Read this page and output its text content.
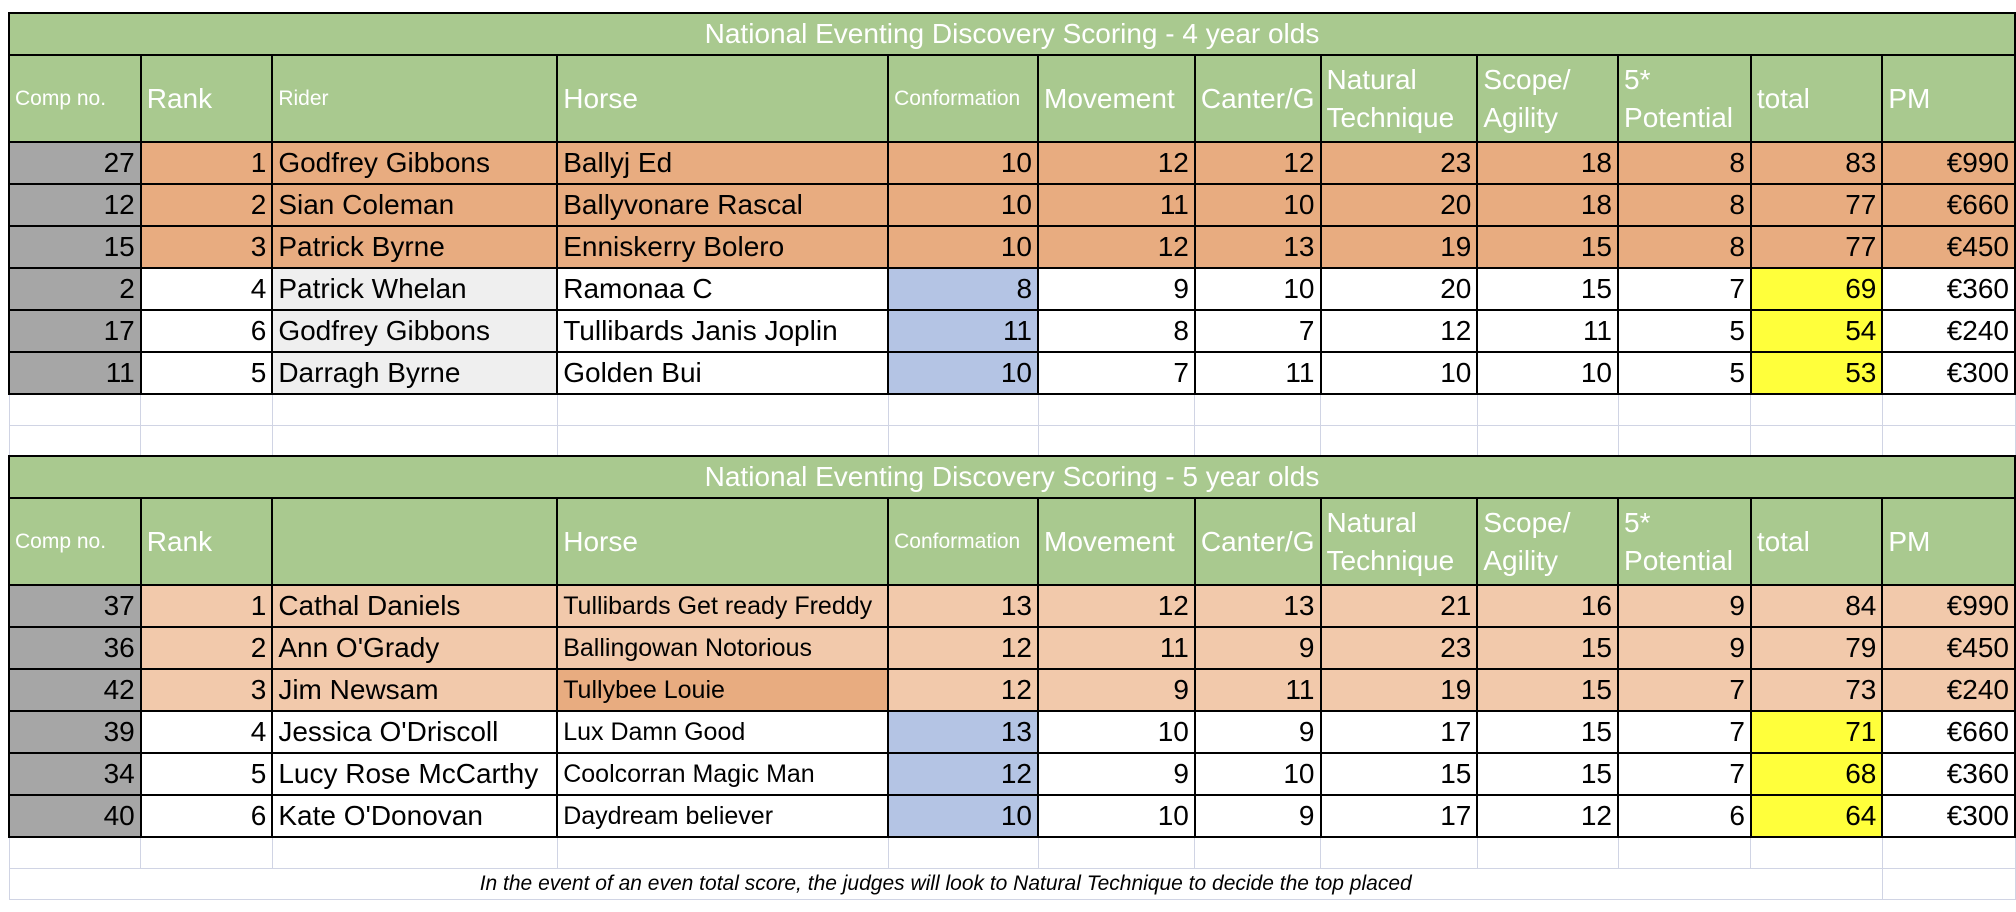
National Eventing Discovery Scoring - 4 year olds											
Comp no.	Rank	Rider	Horse	Conformation	Movement	Canter/G	Natural Technique	Scope/ Agility	5* Potential	total	PM
27	1	Godfrey Gibbons	Ballyj Ed	10	12	12	23	18	8	83	€990
12	2	Sian Coleman	Ballyvonare Rascal	10	11	10	20	18	8	77	€660
15	3	Patrick Byrne	Enniskerry Bolero	10	12	13	19	15	8	77	€450
2	4	Patrick Whelan	Ramonaa C	8	9	10	20	15	7	69	€360
17	6	Godfrey Gibbons	Tullibards Janis Joplin	11	8	7	12	11	5	54	€240
11	5	Darragh Byrne	Golden Bui	10	7	11	10	10	5	53	€300

National Eventing Discovery Scoring - 5 year olds											
Comp no.	Rank		Horse	Conformation	Movement	Canter/G	Natural Technique	Scope/ Agility	5* Potential	total	PM
37	1	Cathal Daniels	Tullibards Get ready Freddy	13	12	13	21	16	9	84	€990
36	2	Ann O'Grady	Ballingowan Notorious	12	11	9	23	15	9	79	€450
42	3	Jim Newsam	Tullybee Louie	12	9	11	19	15	7	73	€240
39	4	Jessica O'Driscoll	Lux Damn Good	13	10	9	17	15	7	71	€660
34	5	Lucy Rose McCarthy	Coolcorran Magic Man	12	9	10	15	15	7	68	€360
40	6	Kate O'Donovan	Daydream believer	10	10	9	17	12	6	64	€300

In the event of an even total score, the judges will look to Natural Technique to decide the top placed											
